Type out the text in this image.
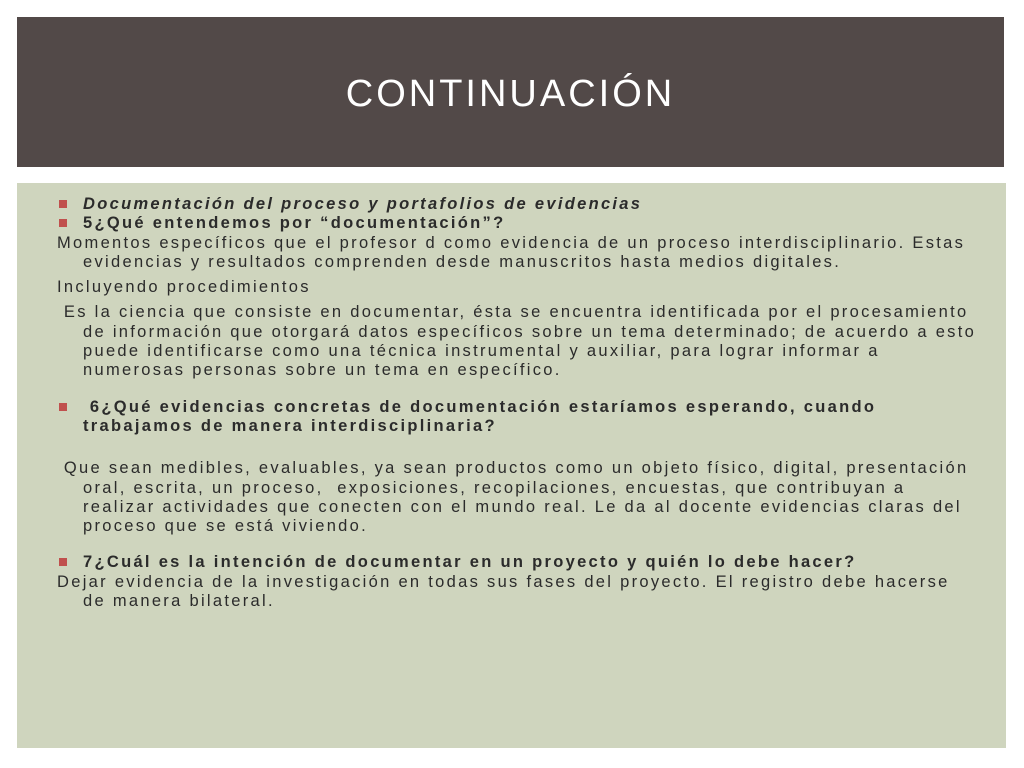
CONTINUACIÓN

Documentación del proceso y portafolios de evidencias

5¿Qué entendemos por “documentación”?

Momentos específicos que el profesor d como evidencia de un proceso interdisciplinario. Estas evidencias y resultados comprenden desde manuscritos hasta medios digitales.

Incluyendo procedimientos

Es la ciencia que consiste en documentar, ésta se encuentra identificada por el procesamiento de información que otorgará datos específicos sobre un tema determinado; de acuerdo a esto puede identificarse como una técnica instrumental y auxiliar, para lograr informar a numerosas personas sobre un tema en específico.

6¿Qué evidencias concretas de documentación estaríamos esperando, cuando trabajamos de manera interdisciplinaria?

Que sean medibles, evaluables, ya sean productos como un objeto físico, digital, presentación oral, escrita, un proceso,  exposiciones, recopilaciones, encuestas, que contribuyan a realizar actividades que conecten con el mundo real. Le da al docente evidencias claras del proceso que se está viviendo.

7¿Cuál es la intención de documentar en un proyecto y quién lo debe hacer?

Dejar evidencia de la investigación en todas sus fases del proyecto. El registro debe hacerse de manera bilateral.
